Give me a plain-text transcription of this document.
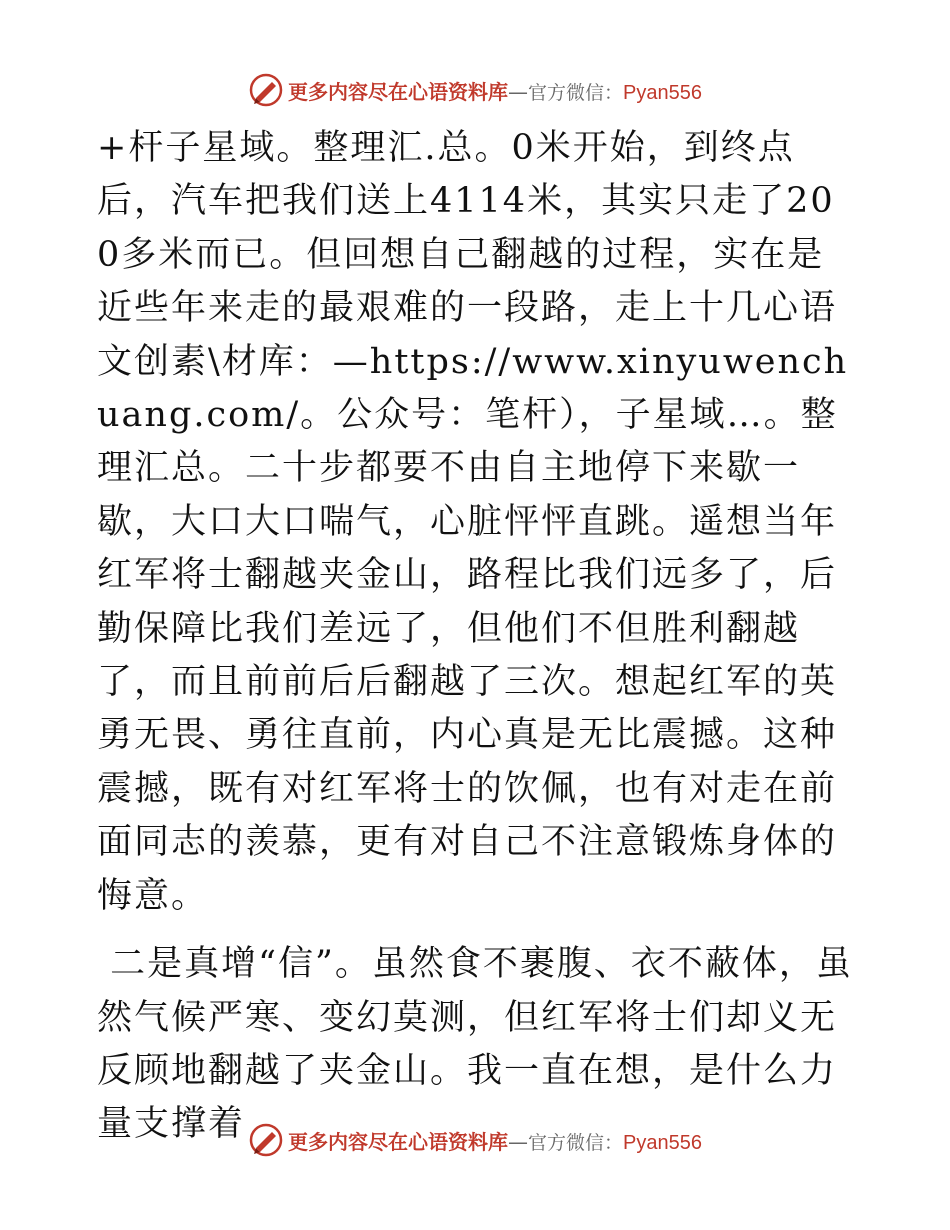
更多内容尽在心语资料库—官方微信：Pyan556

+杆子星域。整理汇.总。0米开始，到终点后，汽车把我们送上4114米，其实只走了200多米而已。但回想自己翻越的过程，实在是近些年来走的最艰难的一段路，走上十几心语文创素\材库：—https://www.xinyuwenchuang.com/。公众号：笔杆），子星域…。整理汇总。二十步都要不由自主地停下来歇一歇，大口大口喘气，心脏怦怦直跳。遥想当年红军将士翻越夹金山，路程比我们远多了，后勤保障比我们差远了，但他们不但胜利翻越了，而且前前后后翻越了三次。想起红军的英勇无畏、勇往直前，内心真是无比震撼。这种震撼，既有对红军将士的饮佩，也有对走在前面同志的羡慕，更有对自己不注意锻炼身体的悔意。

二是真增“信”。虽然食不裹腹、衣不蔽体，虽然气候严寒、变幻莫测，但红军将士们却义无反顾地翻越了夹金山。我一直在想，是什么力量支撑着	更多内容尽在心语资料库—官方微信：Pyan556
